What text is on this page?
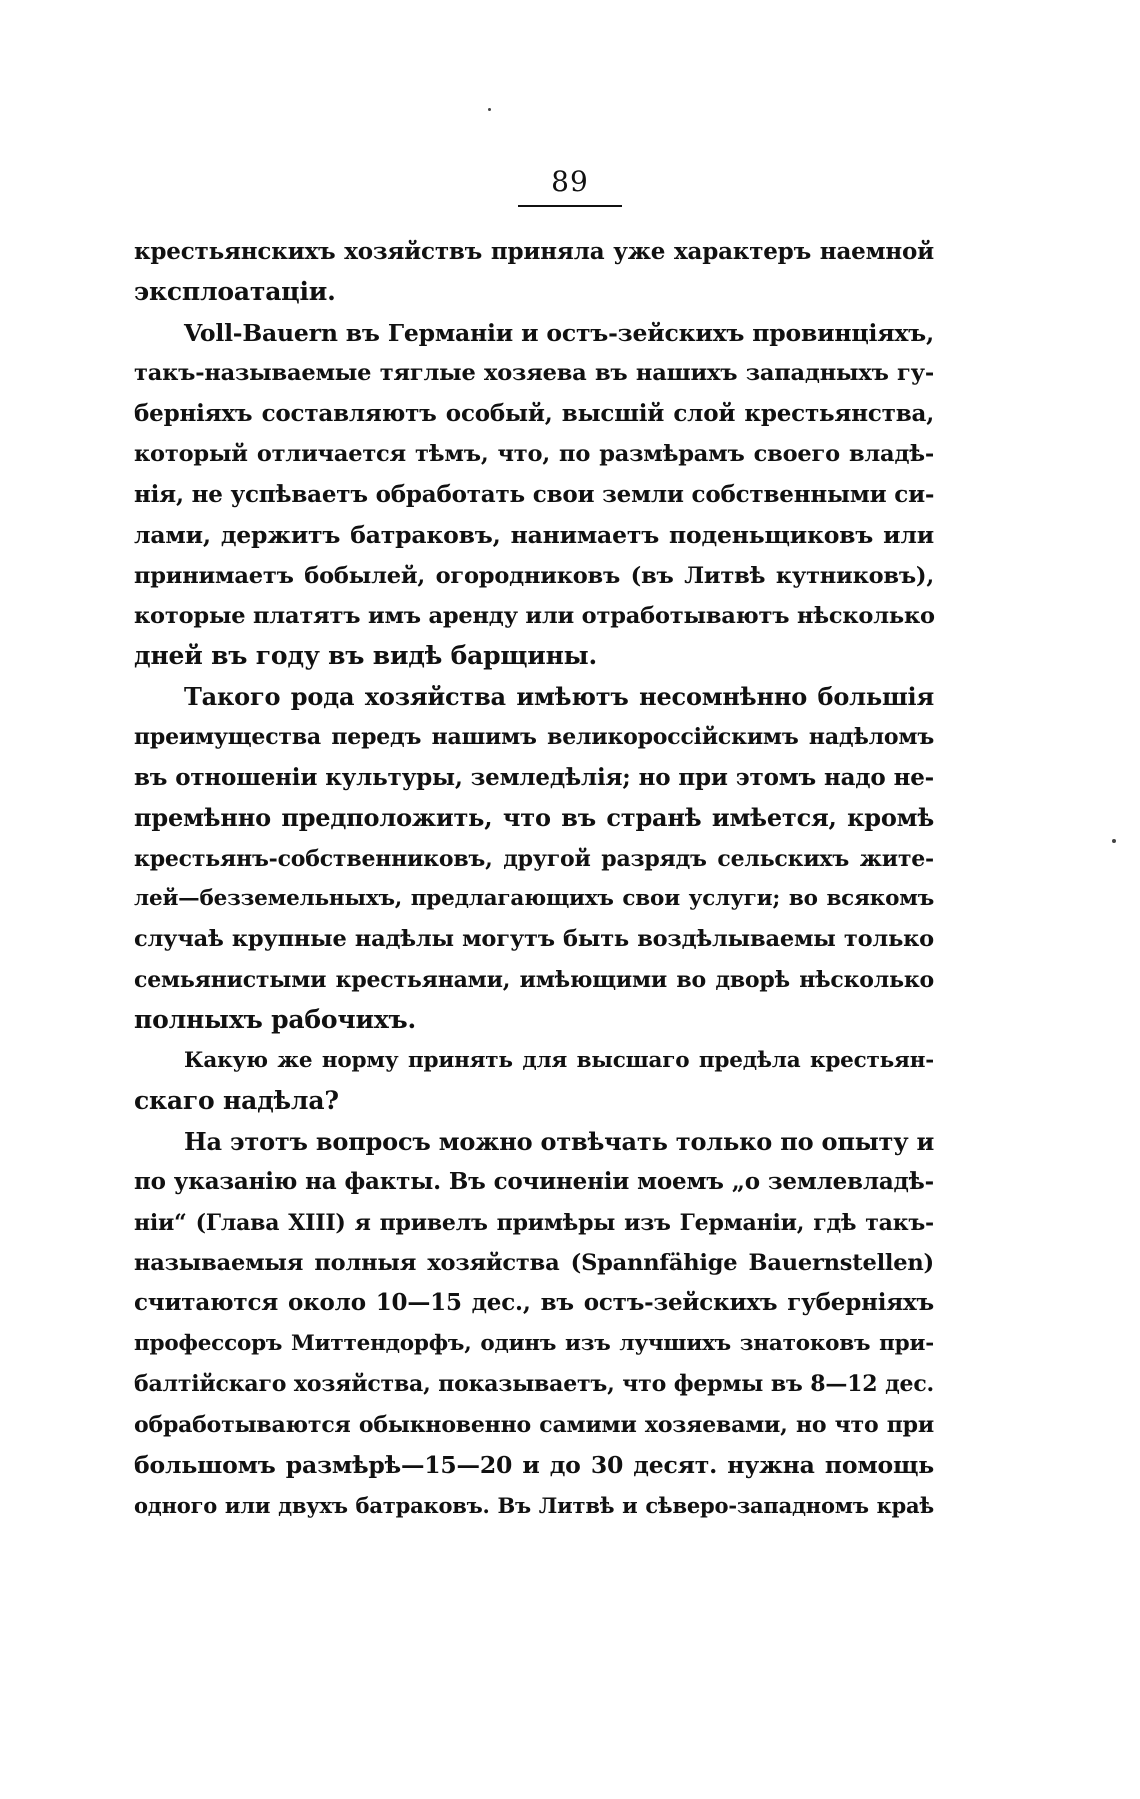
89
крестьянскихъ хозяйствъ приняла уже характеръ наемной
эксплоатаціи.
Voll-Bauern въ Германіи и остъ-зейскихъ провинціяхъ,
такъ-называемые тяглые хозяева въ нашихъ западныхъ гу-
берніяхъ составляютъ особый, высшій слой крестьянства,
который отличается тѣмъ, что, по размѣрамъ своего владѣ-
нія, не успѣваетъ обработать свои земли собственными си-
лами, держитъ батраковъ, нанимаетъ поденьщиковъ или
принимаетъ бобылей, огородниковъ (въ Литвѣ кутниковъ),
которые платятъ имъ аренду или отработываютъ нѣсколько
дней въ году въ видѣ барщины.
Такого рода хозяйства имѣютъ несомнѣнно большія
преимущества передъ нашимъ великороссійскимъ надѣломъ
въ отношеніи культуры, земледѣлія; но при этомъ надо не-
премѣнно предположить, что въ странѣ имѣется, кромѣ
крестьянъ-собственниковъ, другой разрядъ сельскихъ жите-
лей—безземельныхъ, предлагающихъ свои услуги; во всякомъ
случаѣ крупные надѣлы могутъ быть воздѣлываемы только
семьянистыми крестьянами, имѣющими во дворѣ нѣсколько
полныхъ рабочихъ.
Какую же норму принять для высшаго предѣла крестьян-
скаго надѣла?
На этотъ вопросъ можно отвѣчать только по опыту и
по указанію на факты. Въ сочиненіи моемъ „о землевладѣ-
ніи“ (Глава XIII) я привелъ примѣры изъ Германіи, гдѣ такъ-
называемыя полныя хозяйства (Spannfähige Bauernstellen)
считаются около 10—15 дес., въ остъ-зейскихъ губерніяхъ
профессоръ Миттендорфъ, одинъ изъ лучшихъ знатоковъ при-
балтійскаго хозяйства, показываетъ, что фермы въ 8—12 дес.
обработываются обыкновенно самими хозяевами, но что при
большомъ размѣрѣ—15—20 и до 30 десят. нужна помощь
одного или двухъ батраковъ. Въ Литвѣ и сѣверо-западномъ краѣ
